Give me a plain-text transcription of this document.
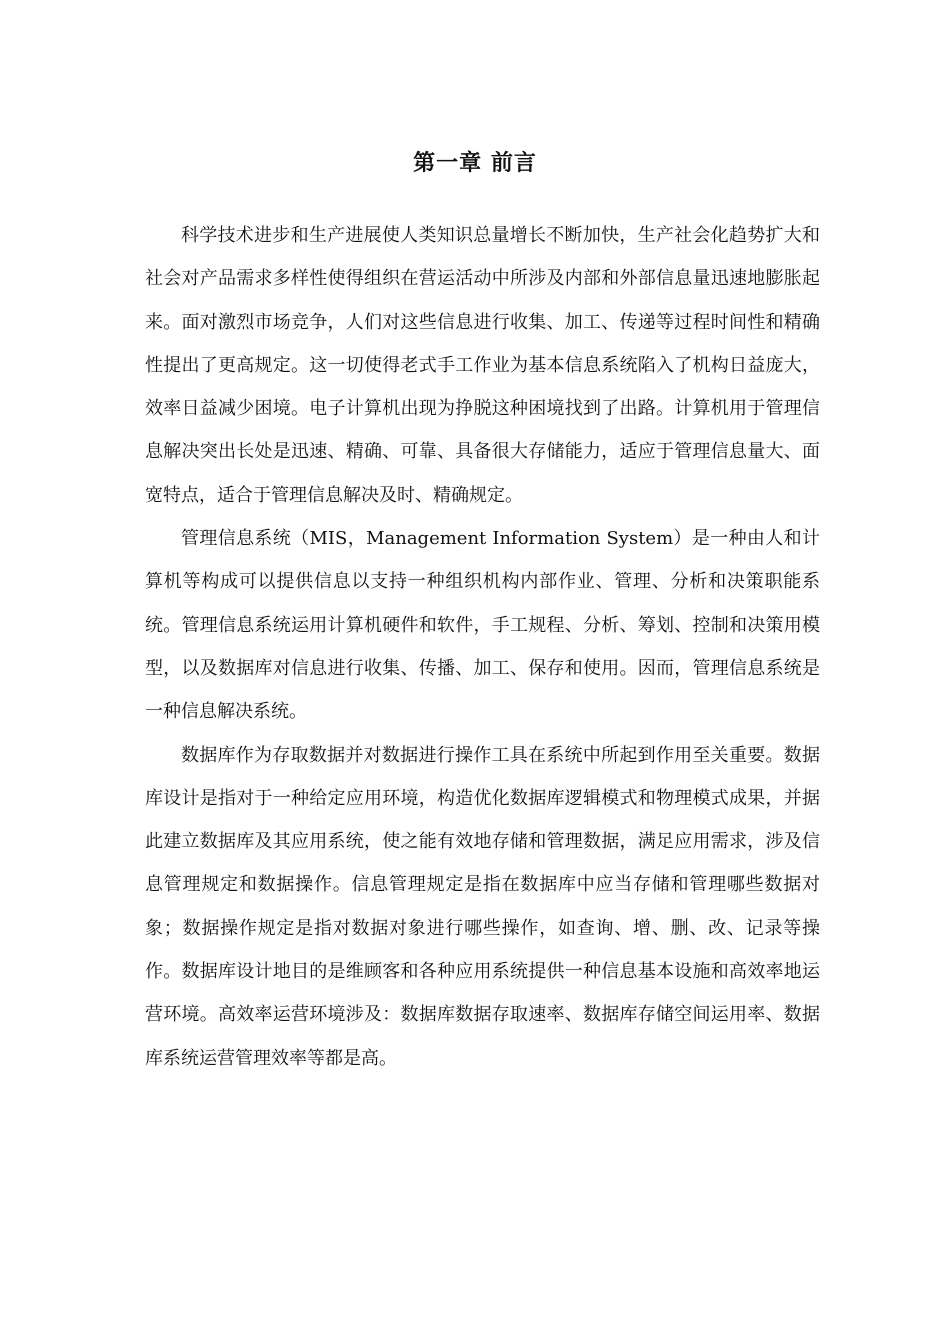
第一章 前言

科学技术进步和生产进展使人类知识总量增长不断加快，生产社会化趋势扩大和社会对产品需求多样性使得组织在营运活动中所涉及内部和外部信息量迅速地膨胀起来。面对激烈市场竞争，人们对这些信息进行收集、加工、传递等过程时间性和精确性提出了更高规定。这一切使得老式手工作业为基本信息系统陷入了机构日益庞大，效率日益减少困境。电子计算机出现为挣脱这种困境找到了出路。计算机用于管理信息解决突出长处是迅速、精确、可靠、具备很大存储能力，适应于管理信息量大、面宽特点，适合于管理信息解决及时、精确规定。

管理信息系统（MIS，Management Information System）是一种由人和计算机等构成可以提供信息以支持一种组织机构内部作业、管理、分析和决策职能系统。管理信息系统运用计算机硬件和软件，手工规程、分析、筹划、控制和决策用模型，以及数据库对信息进行收集、传播、加工、保存和使用。因而，管理信息系统是一种信息解决系统。

数据库作为存取数据并对数据进行操作工具在系统中所起到作用至关重要。数据库设计是指对于一种给定应用环境，构造优化数据库逻辑模式和物理模式成果，并据此建立数据库及其应用系统，使之能有效地存储和管理数据，满足应用需求，涉及信息管理规定和数据操作。信息管理规定是指在数据库中应当存储和管理哪些数据对象；数据操作规定是指对数据对象进行哪些操作，如查询、增、删、改、记录等操作。数据库设计地目的是维顾客和各种应用系统提供一种信息基本设施和高效率地运营环境。高效率运营环境涉及：数据库数据存取速率、数据库存储空间运用率、数据库系统运营管理效率等都是高。
